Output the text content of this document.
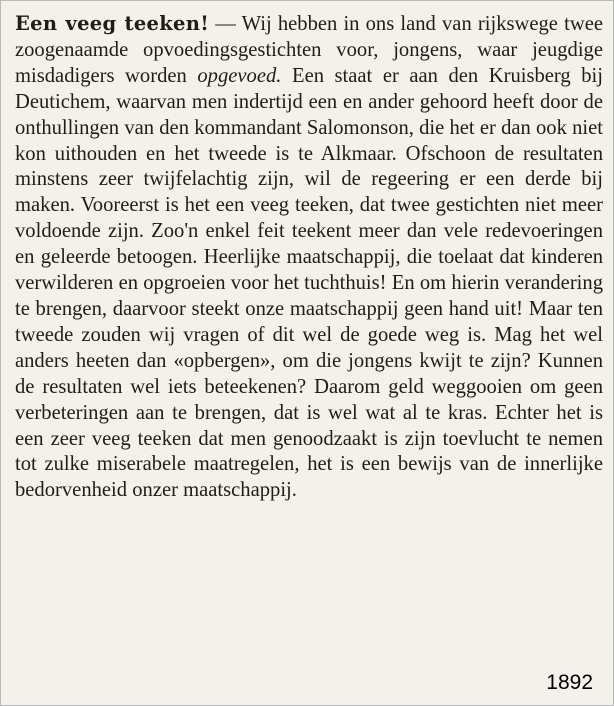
Een veeg teeken! — Wij hebben in ons land van rijkswege twee zoogenaamde opvoedingsgestichten voor, jongens, waar jeugdige misdadigers worden opgevoed. Een staat er aan den Kruisberg bij Deutichem, waarvan men indertijd een en ander gehoord heeft door de onthullingen van den kommandant Salomonson, die het er dan ook niet kon uithouden en het tweede is te Alkmaar. Ofschoon de resultaten minstens zeer twijfelachtig zijn, wil de regeering er een derde bij maken. Vooreerst is het een veeg teeken, dat twee gestichten niet meer voldoende zijn. Zoo'n enkel feit teekent meer dan vele redevoeringen en geleerde betoogen. Heerlijke maatschappij, die toelaat dat kinderen verwilderen en opgroeien voor het tuchthuis! En om hierin verandering te brengen, daarvoor steekt onze maatschappij geen hand uit! Maar ten tweede zouden wij vragen of dit wel de goede weg is. Mag het wel anders heeten dan «opbergen», om die jongens kwijt te zijn? Kunnen de resultaten wel iets beteekenen? Daarom geld weggooien om geen verbeteringen aan te brengen, dat is wel wat al te kras. Echter het is een zeer veeg teeken dat men genoodzaakt is zijn toevlucht te nemen tot zulke miserabele maatregelen, het is een bewijs van de innerlijke bedorvenheid onzer maatschappij.

1892
